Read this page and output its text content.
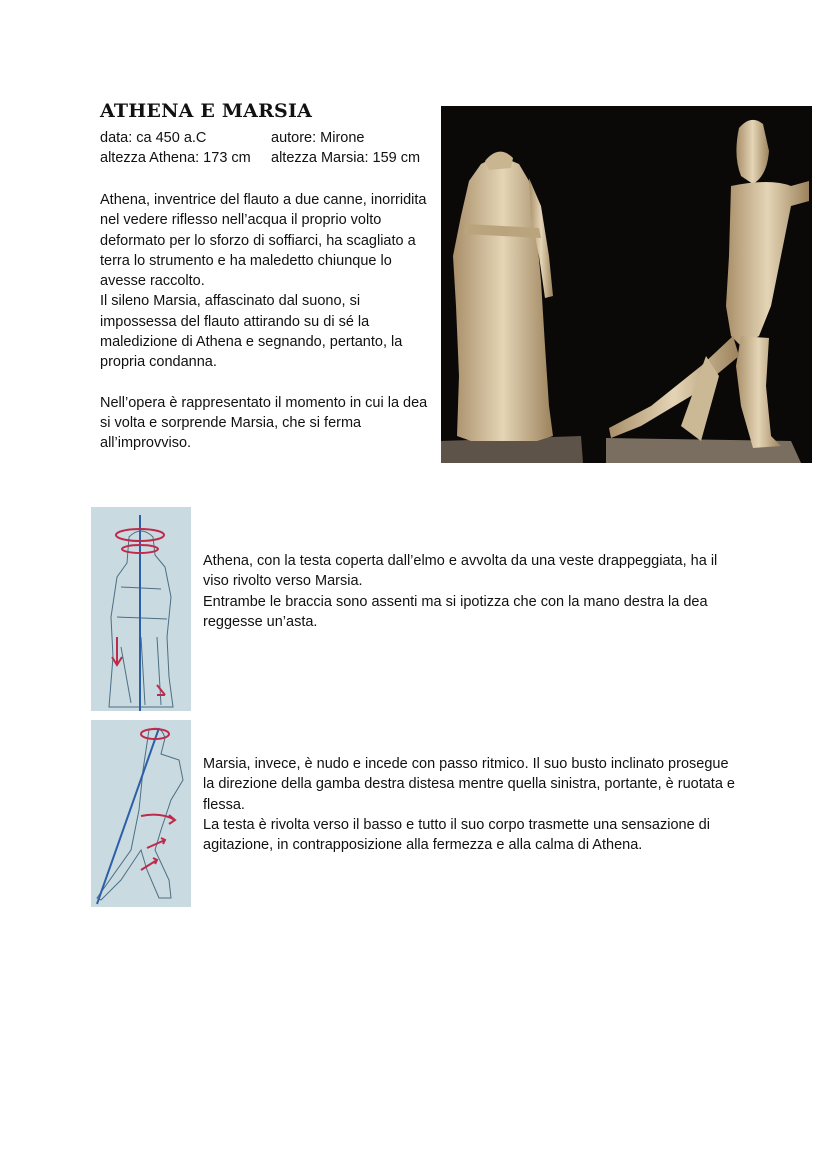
ATHENA E MARSIA
data: ca 450 a.C	autore: Mirone
altezza Athena: 173 cm	altezza Marsia: 159 cm

Athena, inventrice del flauto a due canne, inorridita nel vedere riflesso nell’acqua il proprio volto deformato per lo sforzo di soffiarci, ha scagliato a terra lo strumento e ha maledetto chiunque lo avesse raccolto.

Il sileno Marsia, affascinato dal suono, si impossessa del flauto attirando su di sé la maledizione di Athena e segnando, pertanto, la propria condanna.

Nell’opera è rappresentato il momento in cui la dea si volta e sorprende Marsia, che si ferma all’improvviso.

Athena, con la testa coperta dall’elmo e avvolta da una veste drappeggiata, ha il viso rivolto verso Marsia.

Entrambe le braccia sono assenti ma si ipotizza che con la mano destra la dea reggesse un’asta.

Marsia, invece, è nudo e incede con passo ritmico. Il suo busto inclinato prosegue la direzione della gamba destra distesa mentre quella sinistra, portante, è ruotata e flessa.

La testa è rivolta verso il basso e tutto il suo corpo trasmette una sensazione di agitazione, in contrapposizione alla fermezza e alla calma di Athena.
